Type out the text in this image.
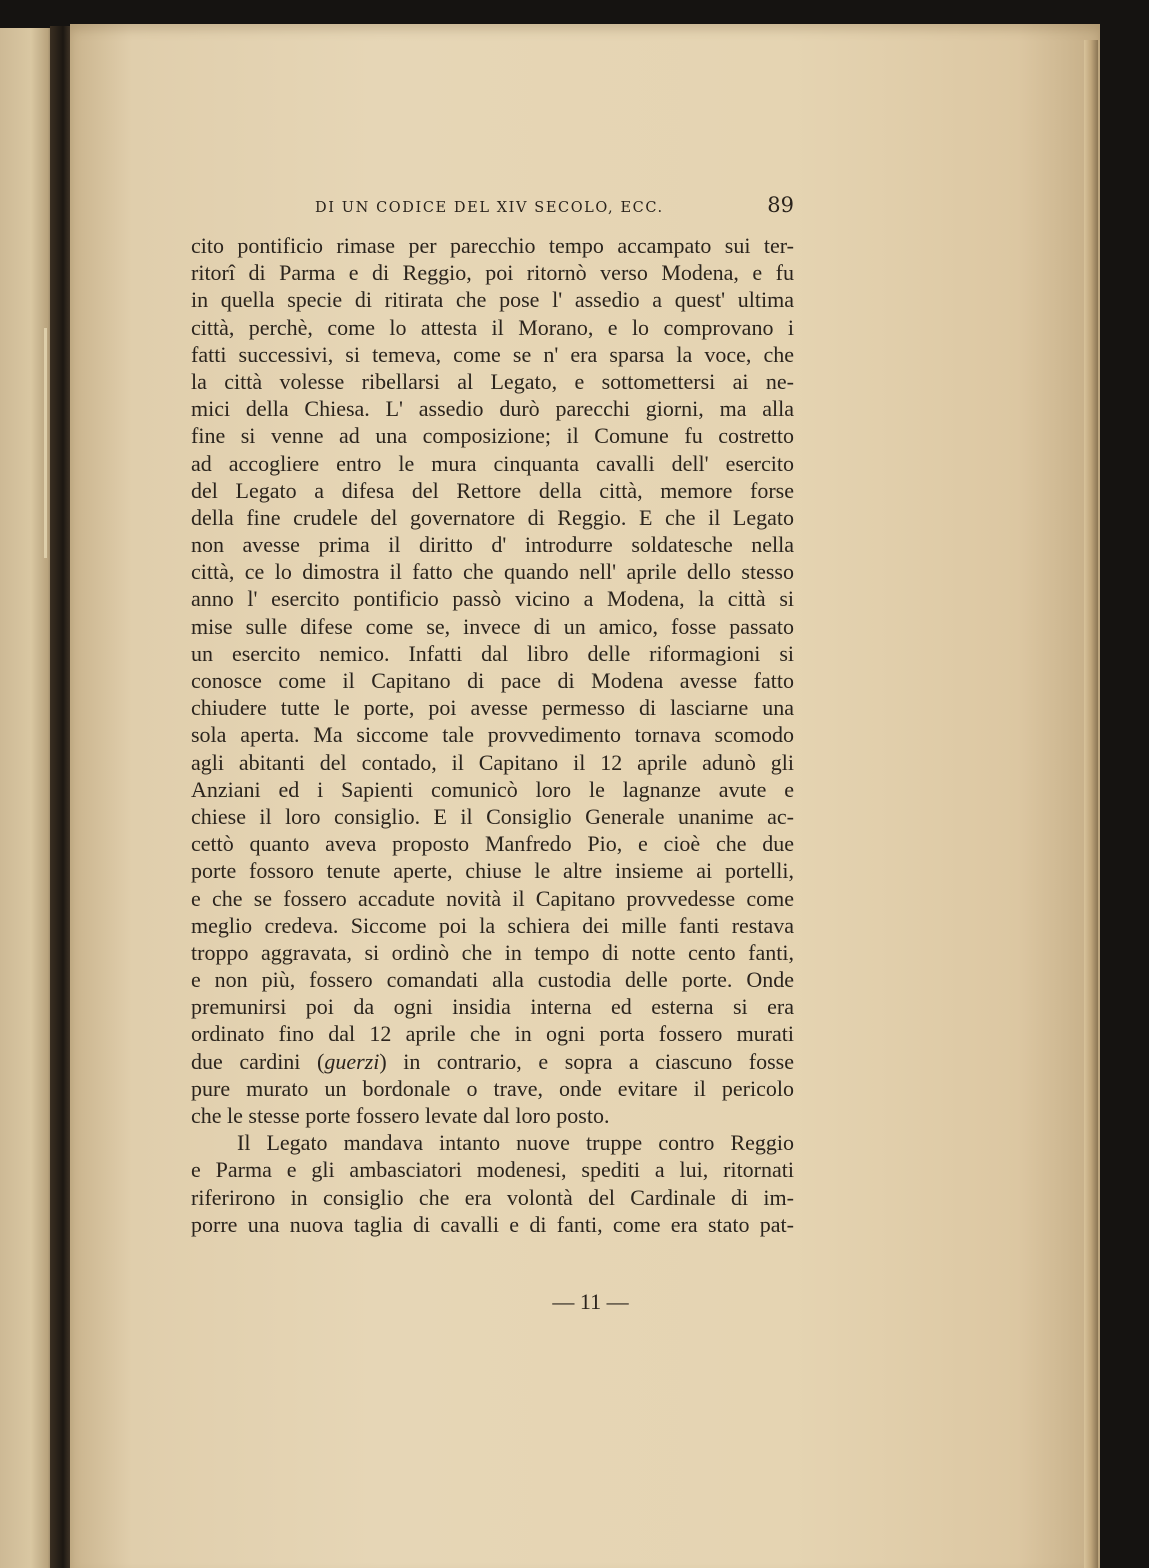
DI UN CODICE DEL XIV SECOLO, ECC.	89
cito pontificio rimase per parecchio tempo accampato sui ter-
ritorî di Parma e di Reggio, poi ritornò verso Modena, e fu
in quella specie di ritirata che pose l' assedio a quest' ultima
città, perchè, come lo attesta il Morano, e lo comprovano i
fatti successivi, si temeva, come se n' era sparsa la voce, che
la città volesse ribellarsi al Legato, e sottomettersi ai ne-
mici della Chiesa. L' assedio durò parecchi giorni, ma alla
fine si venne ad una composizione; il Comune fu costretto
ad accogliere entro le mura cinquanta cavalli dell' esercito
del Legato a difesa del Rettore della città, memore forse
della fine crudele del governatore di Reggio. E che il Legato
non avesse prima il diritto d' introdurre soldatesche nella
città, ce lo dimostra il fatto che quando nell' aprile dello stesso
anno l' esercito pontificio passò vicino a Modena, la città si
mise sulle difese come se, invece di un amico, fosse passato
un esercito nemico. Infatti dal libro delle riformagioni si
conosce come il Capitano di pace di Modena avesse fatto
chiudere tutte le porte, poi avesse permesso di lasciarne una
sola aperta. Ma siccome tale provvedimento tornava scomodo
agli abitanti del contado, il Capitano il 12 aprile adunò gli
Anziani ed i Sapienti comunicò loro le lagnanze avute e
chiese il loro consiglio. E il Consiglio Generale unanime ac-
cettò quanto aveva proposto Manfredo Pio, e cioè che due
porte fossoro tenute aperte, chiuse le altre insieme ai portelli,
e che se fossero accadute novità il Capitano provvedesse come
meglio credeva. Siccome poi la schiera dei mille fanti restava
troppo aggravata, si ordinò che in tempo di notte cento fanti,
e non più, fossero comandati alla custodia delle porte. Onde
premunirsi poi da ogni insidia interna ed esterna si era
ordinato fino dal 12 aprile che in ogni porta fossero murati
due cardini (guerzi) in contrario, e sopra a ciascuno fosse
pure murato un bordonale o trave, onde evitare il pericolo
che le stesse porte fossero levate dal loro posto.
Il Legato mandava intanto nuove truppe contro Reggio
e Parma e gli ambasciatori modenesi, spediti a lui, ritornati
riferirono in consiglio che era volontà del Cardinale di im-
porre una nuova taglia di cavalli e di fanti, come era stato pat-
— 11 —
